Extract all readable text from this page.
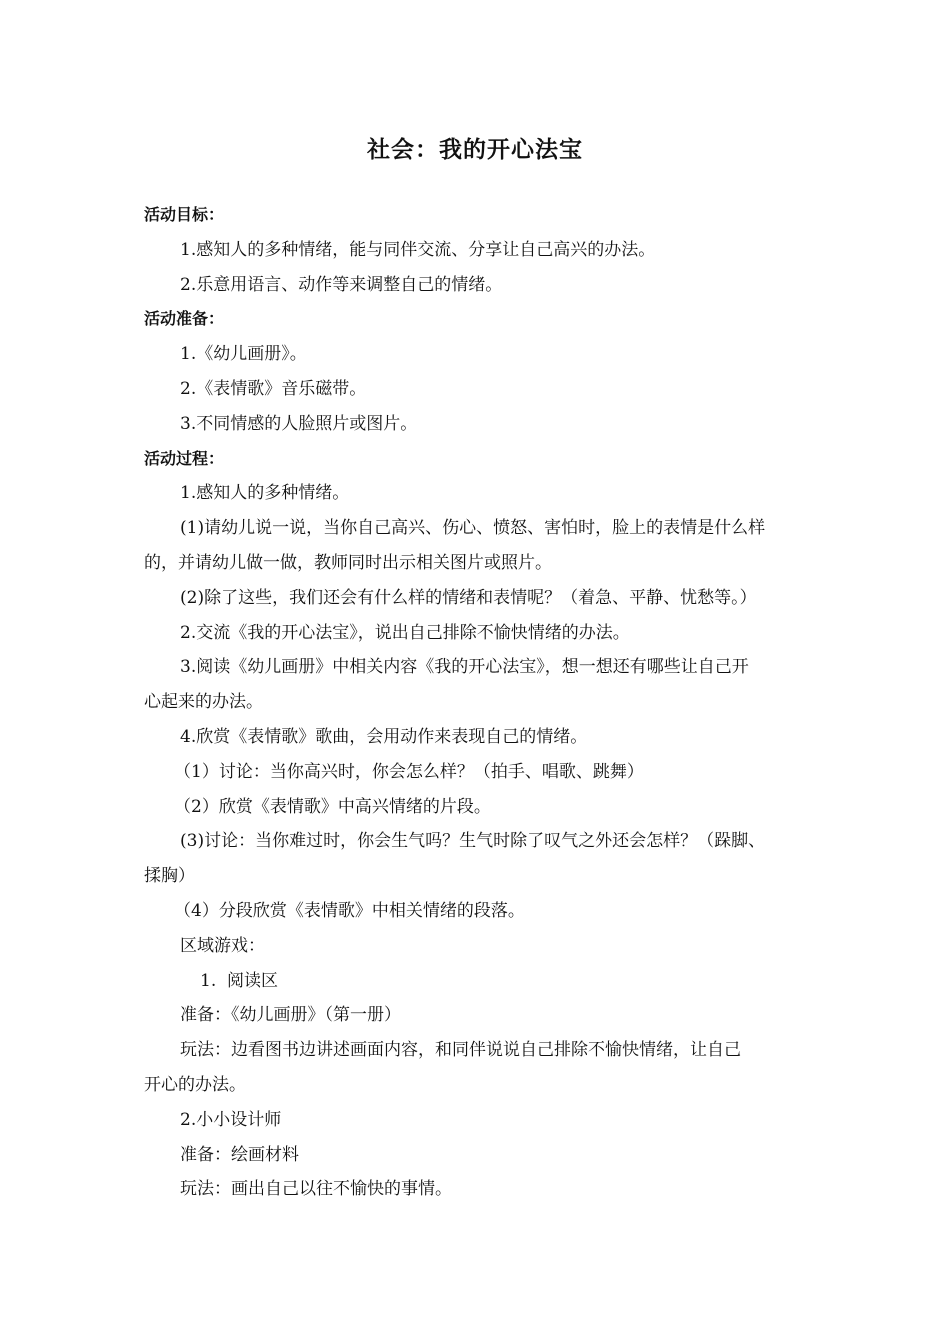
社会：我的开心法宝

活动目标：

1.感知人的多种情绪，能与同伴交流、分享让自己高兴的办法。

2.乐意用语言、动作等来调整自己的情绪。

活动准备：

1.《幼儿画册》。

2.《表情歌》音乐磁带。

3.不同情感的人脸照片或图片。

活动过程：

1.感知人的多种情绪。

(1)请幼儿说一说，当你自己高兴、伤心、愤怒、害怕时，脸上的表情是什么样

的，并请幼儿做一做，教师同时出示相关图片或照片。

(2)除了这些，我们还会有什么样的情绪和表情呢？（着急、平静、忧愁等。）

2.交流《我的开心法宝》，说出自己排除不愉快情绪的办法。

3.阅读《幼儿画册》中相关内容《我的开心法宝》，想一想还有哪些让自己开

心起来的办法。

4.欣赏《表情歌》歌曲，会用动作来表现自己的情绪。

（1）讨论：当你高兴时，你会怎么样？（拍手、唱歌、跳舞）

（2）欣赏《表情歌》中高兴情绪的片段。

(3)讨论：当你难过时，你会生气吗？生气时除了叹气之外还会怎样？（跺脚、

揉胸）

（4）分段欣赏《表情歌》中相关情绪的段落。

区域游戏：

1.  阅读区

准备：《幼儿画册》（第一册）

玩法：边看图书边讲述画面内容，和同伴说说自己排除不愉快情绪，让自己

开心的办法。

2.小小设计师

准备：绘画材料

玩法：画出自己以往不愉快的事情。
